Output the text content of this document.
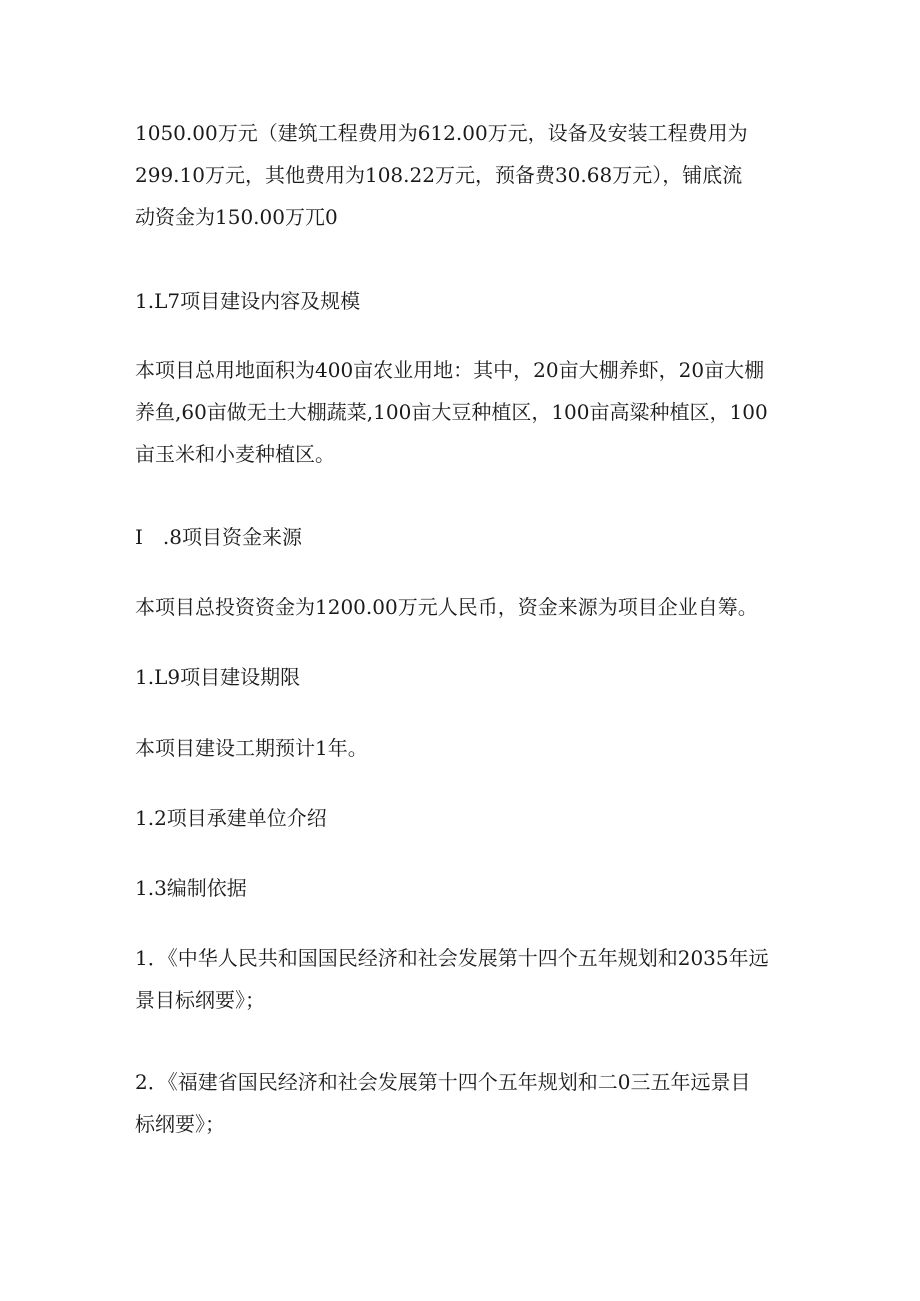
1050.00万元（建筑工程费用为612.00万元，设备及安装工程费用为
299.10万元，其他费用为108.22万元，预备费30.68万元），铺底流
动资金为150.00万兀0
1.L7项目建设内容及规模
本项目总用地面积为400亩农业用地：其中，20亩大棚养虾，20亩大棚
养鱼,60亩做无土大棚蔬菜,100亩大豆种植区，100亩高粱种植区，100
亩玉米和小麦种植区。
I　.8项目资金来源
本项目总投资资金为1200.00万元人民币，资金来源为项目企业自筹。
1.L9项目建设期限
本项目建设工期预计1年。
1.2项目承建单位介绍
1.3编制依据
1．《中华人民共和国国民经济和社会发展第十四个五年规划和2035年远
景目标纲要》；
2．《福建省国民经济和社会发展第十四个五年规划和二0三五年远景目
标纲要》；
